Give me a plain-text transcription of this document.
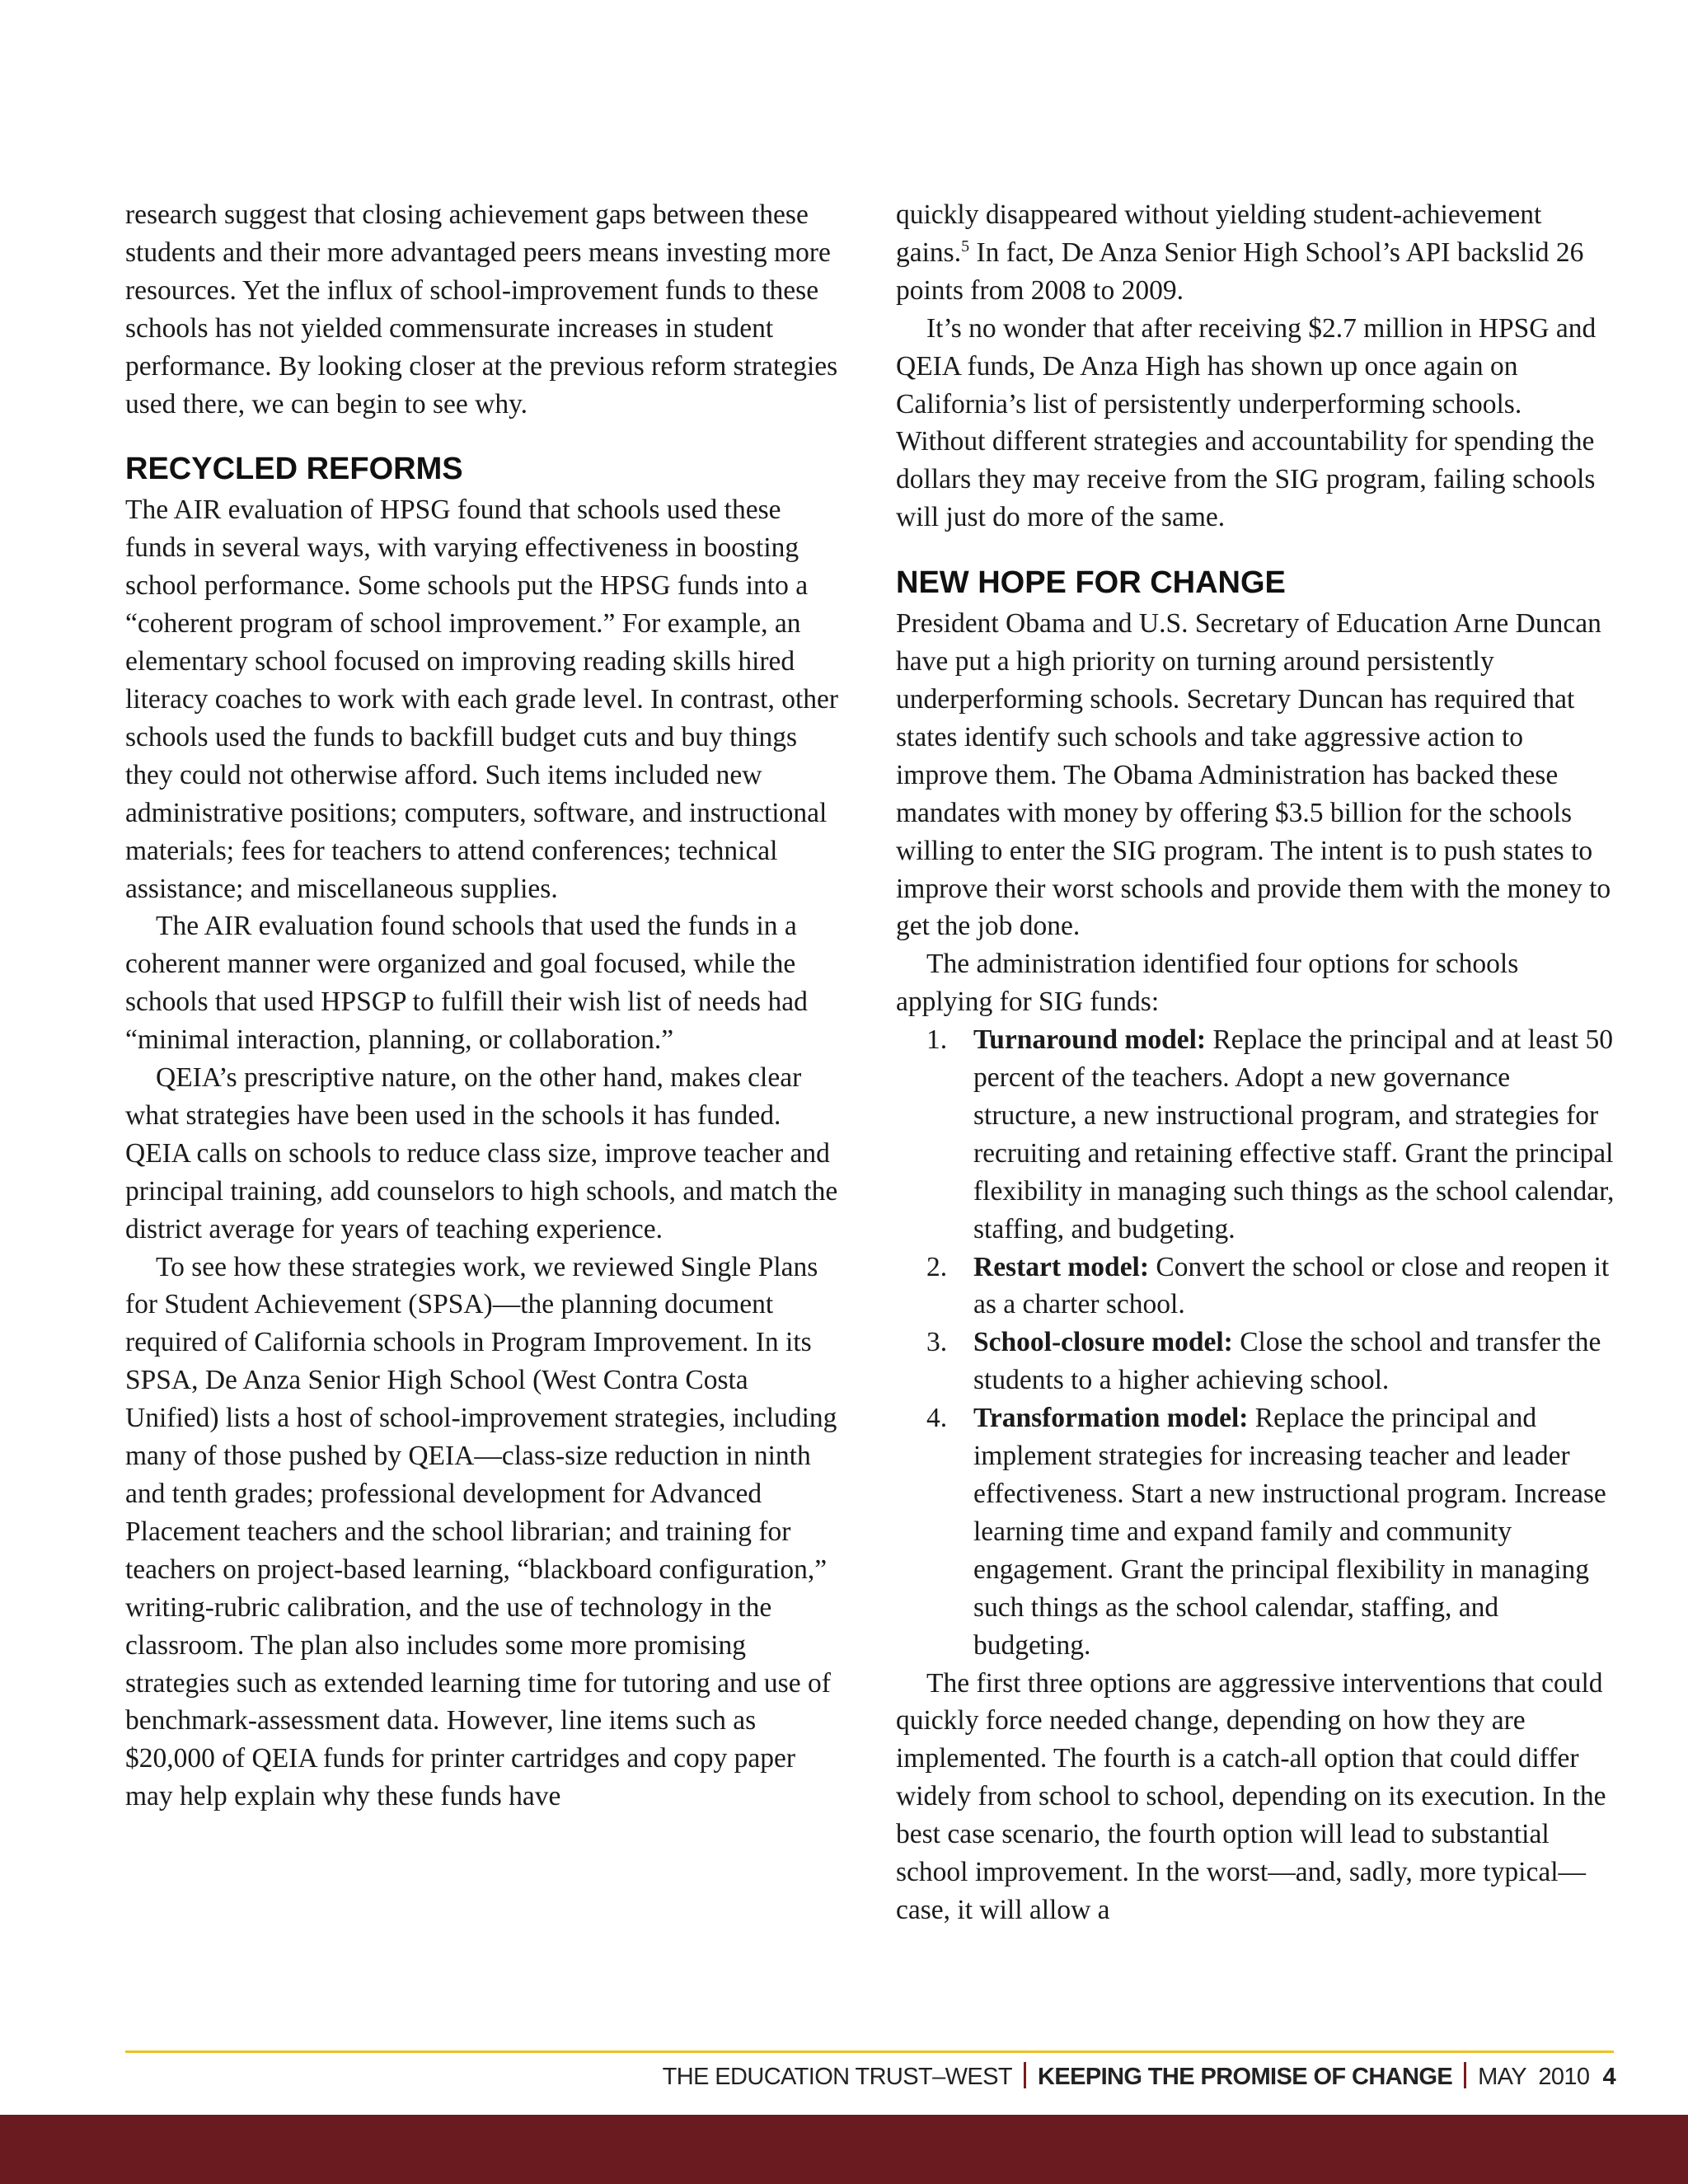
research suggest that closing achievement gaps between these students and their more advantaged peers means investing more resources. Yet the influx of school-improvement funds to these schools has not yielded commensurate increases in student performance. By looking closer at the previous reform strategies used there, we can begin to see why.

RECYCLED REFORMS

The AIR evaluation of HPSG found that schools used these funds in several ways, with varying effectiveness in boosting school performance. Some schools put the HPSG funds into a “coherent program of school improvement.” For example, an elementary school focused on improving reading skills hired literacy coaches to work with each grade level. In contrast, other schools used the funds to backfill budget cuts and buy things they could not otherwise afford. Such items included new administrative positions; computers, software, and instructional materials; fees for teachers to attend conferences; technical assistance; and miscellaneous supplies.

The AIR evaluation found schools that used the funds in a coherent manner were organized and goal focused, while the schools that used HPSGP to fulfill their wish list of needs had “minimal interaction, planning, or collaboration.”

QEIA’s prescriptive nature, on the other hand, makes clear what strategies have been used in the schools it has funded. QEIA calls on schools to reduce class size, improve teacher and principal training, add counselors to high schools, and match the district average for years of teaching experience.

To see how these strategies work, we reviewed Single Plans for Student Achievement (SPSA)—the planning document required of California schools in Program Improvement. In its SPSA, De Anza Senior High School (West Contra Costa Unified) lists a host of school-improvement strategies, including many of those pushed by QEIA—class-size reduction in ninth and tenth grades; professional development for Advanced Placement teachers and the school librarian; and training for teachers on project-based learning, “blackboard configuration,” writing-rubric calibration, and the use of technology in the classroom. The plan also includes some more promising strategies such as extended learning time for tutoring and use of benchmark-assessment data. However, line items such as $20,000 of QEIA funds for printer cartridges and copy paper may help explain why these funds have

quickly disappeared without yielding student-achievement gains.$^5$ In fact, De Anza Senior High School’s API backslid 26 points from 2008 to 2009.

It’s no wonder that after receiving $2.7 million in HPSG and QEIA funds, De Anza High has shown up once again on California’s list of persistently underperforming schools. Without different strategies and accountability for spending the dollars they may receive from the SIG program, failing schools will just do more of the same.

NEW HOPE FOR CHANGE

President Obama and U.S. Secretary of Education Arne Duncan have put a high priority on turning around persistently underperforming schools. Secretary Duncan has required that states identify such schools and take aggressive action to improve them. The Obama Administration has backed these mandates with money by offering $3.5 billion for the schools willing to enter the SIG program. The intent is to push states to improve their worst schools and provide them with the money to get the job done.

The administration identified four options for schools applying for SIG funds:

1. Turnaround model: Replace the principal and at least 50 percent of the teachers. Adopt a new governance structure, a new instructional program, and strategies for recruiting and retaining effective staff. Grant the principal flexibility in managing such things as the school calendar, staffing, and budgeting.
2. Restart model: Convert the school or close and reopen it as a charter school.
3. School-closure model: Close the school and transfer the students to a higher achieving school.
4. Transformation model: Replace the principal and implement strategies for increasing teacher and leader effectiveness. Start a new instructional program. Increase learning time and expand family and community engagement. Grant the principal flexibility in managing such things as the school calendar, staffing, and budgeting.

The first three options are aggressive interventions that could quickly force needed change, depending on how they are implemented. The fourth is a catch-all option that could differ widely from school to school, depending on its execution. In the best case scenario, the fourth option will lead to substantial school improvement. In the worst—and, sadly, more typical—case, it will allow a

THE EDUCATION TRUST–WEST KEEPING THE PROMISE OF CHANGE MAY  2010 4
